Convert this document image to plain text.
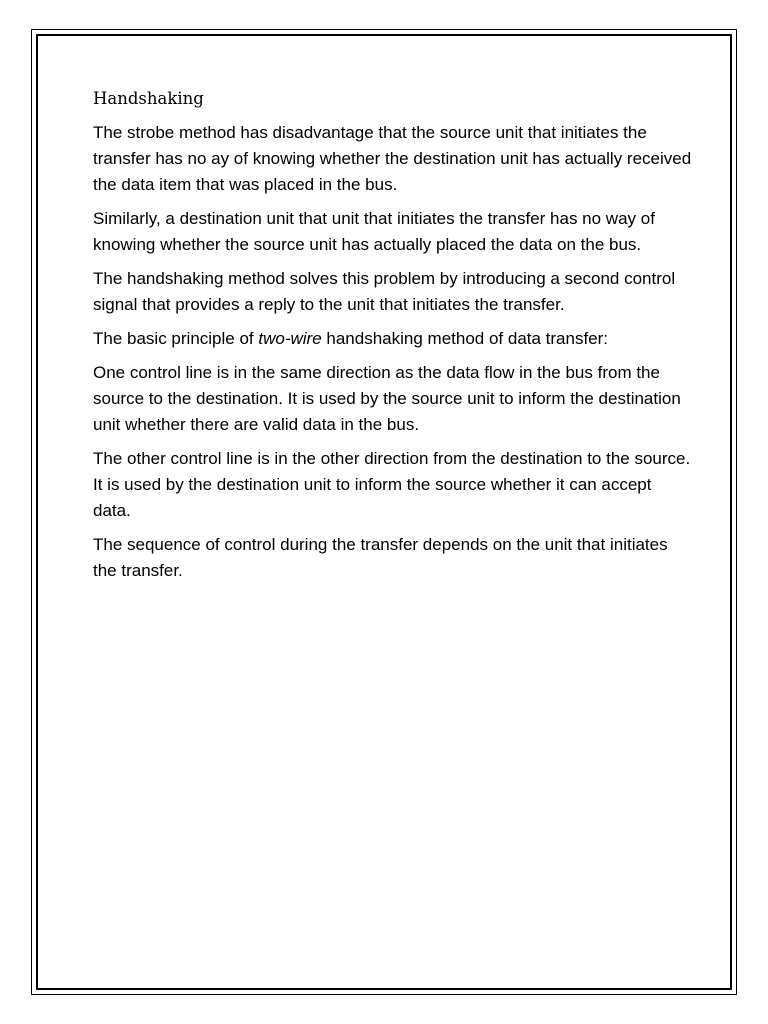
Handshaking

The strobe method has disadvantage that the source unit that initiates the transfer has no ay of knowing whether the destination unit has actually received the data item that was placed in the bus.

Similarly, a destination unit that unit that initiates the transfer has no way of knowing whether the source unit has actually placed the data on the bus.

The handshaking method solves this problem by introducing a second control signal that provides a reply to the unit that initiates the transfer.

The basic principle of two-wire handshaking method of data transfer:

One control line is in the same direction as the data flow in the bus from the source to the destination. It is used by the source unit to inform the destination unit whether there are valid data in the bus.

The other control line is in the other direction from the destination to the source. It is used by the destination unit to inform the source whether it can accept data.

The sequence of control during the transfer depends on the unit that initiates the transfer.
